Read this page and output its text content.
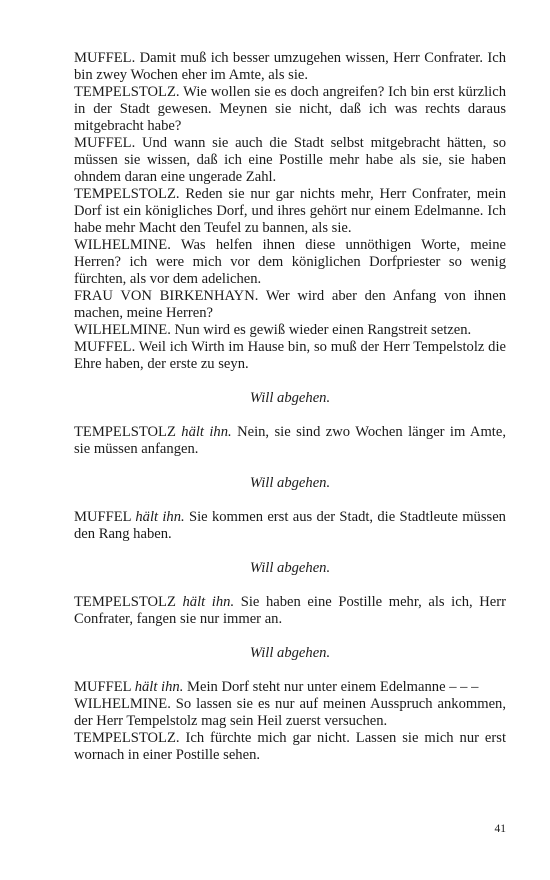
MUFFEL. Damit muß ich besser umzugehen wissen, Herr Confrater. Ich bin zwey Wochen eher im Amte, als sie.

TEMPELSTOLZ. Wie wollen sie es doch angreifen? Ich bin erst kürzlich in der Stadt gewesen. Meynen sie nicht, daß ich was rechts daraus mitgebracht habe?

MUFFEL. Und wann sie auch die Stadt selbst mitgebracht hätten, so müssen sie wissen, daß ich eine Postille mehr habe als sie, sie haben ohndem daran eine ungerade Zahl.

TEMPELSTOLZ. Reden sie nur gar nichts mehr, Herr Confrater, mein Dorf ist ein königliches Dorf, und ihres gehört nur einem Edelmanne. Ich habe mehr Macht den Teufel zu bannen, als sie.

WILHELMINE. Was helfen ihnen diese unnöthigen Worte, meine Herren? ich were mich vor dem königlichen Dorfpriester so wenig fürchten, als vor dem adelichen.

FRAU VON BIRKENHAYN. Wer wird aber den Anfang von ihnen machen, meine Herren?

WILHELMINE. Nun wird es gewiß wieder einen Rangstreit setzen.

MUFFEL. Weil ich Wirth im Hause bin, so muß der Herr Tempelstolz die Ehre haben, der erste zu seyn.

Will abgehen.

TEMPELSTOLZ hält ihn. Nein, sie sind zwo Wochen länger im Amte, sie müssen anfangen.

Will abgehen.

MUFFEL hält ihn. Sie kommen erst aus der Stadt, die Stadtleute müssen den Rang haben.

Will abgehen.

TEMPELSTOLZ hält ihn. Sie haben eine Postille mehr, als ich, Herr Confrater, fangen sie nur immer an.

Will abgehen.

MUFFEL hält ihn. Mein Dorf steht nur unter einem Edelmanne – – –

WILHELMINE. So lassen sie es nur auf meinen Ausspruch ankommen, der Herr Tempelstolz mag sein Heil zuerst versuchen.

TEMPELSTOLZ. Ich fürchte mich gar nicht. Lassen sie mich nur erst wornach in einer Postille sehen.

41
